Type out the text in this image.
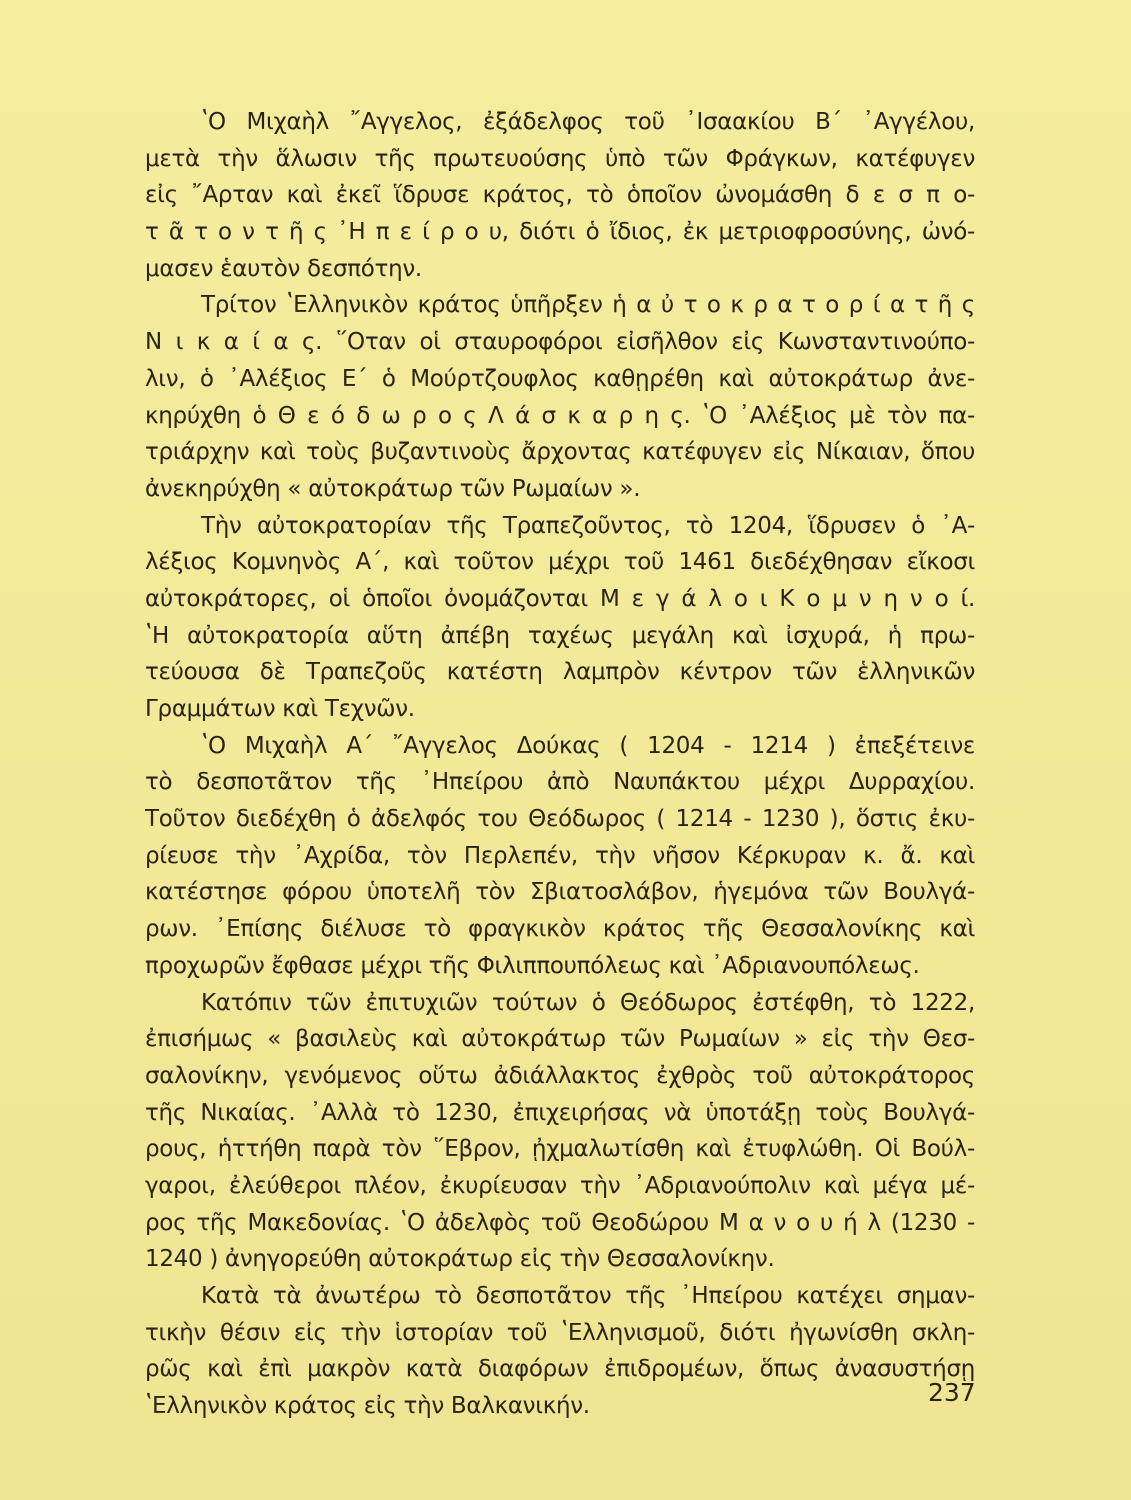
ʽΟ Μιχαὴλ ῎Αγγελος, ἐξάδελφος τοῦ ᾿Ισαακίου Β΄ ᾿Αγγέλου,
μετὰ τὴν ἅλωσιν τῆς πρωτευούσης ὑπὸ τῶν Φράγκων, κατέφυγεν
εἰς ῎Αρταν καὶ ἐκεῖ ἵδρυσε κράτος, τὸ ὁποῖον ὠνομάσθη δ ε σ π ο-
τ ᾶ τ ο ν τ ῆ ς ᾿Η π ε ί ρ ο υ, διότι ὁ ἴδιος, ἐκ μετριοφροσύνης, ὠνό-
μασεν ἑαυτὸν δεσπότην.
Τρίτον ʽΕλληνικὸν κράτος ὑπῆρξεν ἡ α ὐ τ ο κ ρ α τ ο ρ ί α τ ῆ ς
Ν ι κ α ί α ς. ῞Οταν οἱ σταυροφόροι εἰσῆλθον εἰς Κωνσταντινούπο-
λιν, ὁ ᾿Αλέξιος Ε΄ ὁ Μούρτζουφλος καθῃρέθη καὶ αὐτοκράτωρ ἀνε-
κηρύχθη ὁ Θ ε ό δ ω ρ ο ς Λ ά σ κ α ρ η ς. ʽΟ ᾿Αλέξιος μὲ τὸν πα-
τριάρχην καὶ τοὺς βυζαντινοὺς ἄρχοντας κατέφυγεν εἰς Νίκαιαν, ὅπου
ἀνεκηρύχθη « αὐτοκράτωρ τῶν Ρωμαίων ».
Τὴν αὐτοκρατορίαν τῆς Τραπεζοῦντος, τὸ 1204, ἵδρυσεν ὁ ᾿Α-
λέξιος Κομνηνὸς Α΄, καὶ τοῦτον μέχρι τοῦ 1461 διεδέχθησαν εἴκοσι
αὐτοκράτορες, οἱ ὁποῖοι ὀνομάζονται Μ ε γ ά λ ο ι Κ ο μ ν η ν ο ί.
ʽΗ αὐτοκρατορία αὕτη ἀπέβη ταχέως μεγάλη καὶ ἰσχυρά, ἡ πρω-
τεύουσα δὲ Τραπεζοῦς κατέστη λαμπρὸν κέντρον τῶν ἑλληνικῶν
Γραμμάτων καὶ Τεχνῶν.
ʽΟ Μιχαὴλ Α΄ ῎Αγγελος Δούκας ( 1204 - 1214 ) ἐπεξέτεινε
τὸ δεσποτᾶτον τῆς ᾿Ηπείρου ἀπὸ Ναυπάκτου μέχρι Δυρραχίου.
Τοῦτον διεδέχθη ὁ ἀδελφός του Θεόδωρος ( 1214 - 1230 ), ὅστις ἐκυ-
ρίευσε τὴν ᾿Αχρίδα, τὸν Περλεπέν, τὴν νῆσον Κέρκυραν κ. ἄ. καὶ
κατέστησε φόρου ὑποτελῆ τὸν Σβιατοσλάβον, ἡγεμόνα τῶν Βουλγά-
ρων. ᾿Επίσης διέλυσε τὸ φραγκικὸν κράτος τῆς Θεσσαλονίκης καὶ
προχωρῶν ἔφθασε μέχρι τῆς Φιλιππουπόλεως καὶ ᾿Αδριανουπόλεως.
Κατόπιν τῶν ἐπιτυχιῶν τούτων ὁ Θεόδωρος ἐστέφθη, τὸ 1222,
ἐπισήμως « βασιλεὺς καὶ αὐτοκράτωρ τῶν Ρωμαίων » εἰς τὴν Θεσ-
σαλονίκην, γενόμενος οὕτω ἀδιάλλακτος ἐχθρὸς τοῦ αὐτοκράτορος
τῆς Νικαίας. ᾿Αλλὰ τὸ 1230, ἐπιχειρήσας νὰ ὑποτάξῃ τοὺς Βουλγά-
ρους, ἡττήθη παρὰ τὸν ῞Εβρον, ᾐχμαλωτίσθη καὶ ἐτυφλώθη. Οἱ Βούλ-
γαροι, ἐλεύθεροι πλέον, ἐκυρίευσαν τὴν ᾿Αδριανούπολιν καὶ μέγα μέ-
ρος τῆς Μακεδονίας. ʽΟ ἀδελφὸς τοῦ Θεοδώρου Μ α ν ο υ ή λ (1230 -
1240 ) ἀνηγορεύθη αὐτοκράτωρ εἰς τὴν Θεσσαλονίκην.
Κατὰ τὰ ἀνωτέρω τὸ δεσποτᾶτον τῆς ᾿Ηπείρου κατέχει σημαν-
τικὴν θέσιν εἰς τὴν ἱστορίαν τοῦ ʽΕλληνισμοῦ, διότι ἠγωνίσθη σκλη-
ρῶς καὶ ἐπὶ μακρὸν κατὰ διαφόρων ἐπιδρομέων, ὅπως ἀνασυστήσῃ
ʽΕλληνικὸν κράτος εἰς τὴν Βαλκανικήν.	237
